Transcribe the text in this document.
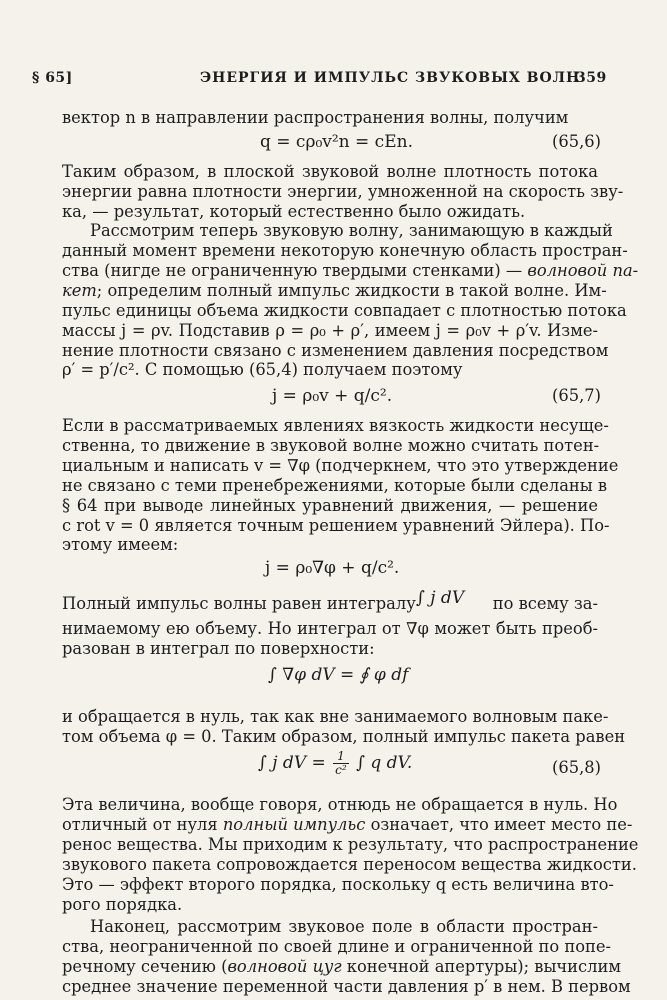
§ 65]	ЭНЕРГИЯ И ИМПУЛЬС ЗВУКОВЫХ ВОЛН
359
вектор n в направлении распространения волны, получим
q = cρ₀v²n = cEn.	(65,6)
Таким образом, в плоской звуковой волне плотность потока
энергии равна плотности энергии, умноженной на скорость зву-
ка, — результат, который естественно было ожидать.
Рассмотрим теперь звуковую волну, занимающую в каждый
данный момент времени некоторую конечную область простран-
ства (нигде не ограниченную твердыми стенками) — волновой па-
кет; определим полный импульс жидкости в такой волне. Им-
пульс единицы объема жидкости совпадает с плотностью потока
массы j = ρv. Подставив ρ = ρ₀ + ρ′, имеем j = ρ₀v + ρ′v. Изме-
нение плотности связано с изменением давления посредством
ρ′ = p′/c². С помощью (65,4) получаем поэтому
j = ρ₀v + q/c².	(65,7)
Если в рассматриваемых явлениях вязкость жидкости несуще-
ственна, то движение в звуковой волне можно считать потен-
циальным и написать v = ∇φ (подчеркнем, что это утверждение
не связано с теми пренебрежениями, которые были сделаны в
§ 64 при выводе линейных уравнений движения, — решение
с rot v = 0 является точным решением уравнений Эйлера). По-
этому имеем:
j = ρ₀∇φ + q/c².
Полный импульс волны равен интегралу ∫ j dV по всему за-
нимаемому ею объему. Но интеграл от ∇φ может быть преоб-
разован в интеграл по поверхности:
∫ ∇φ dV = ∮ φ df
и обращается в нуль, так как вне занимаемого волновым паке-
том объема φ = 0. Таким образом, полный импульс пакета равен
∫ j dV = $\frac{1}{\text{c²}}$ ∫ q dV.	(65,8)
Эта величина, вообще говоря, отнюдь не обращается в нуль. Но
отличный от нуля полный импульс означает, что имеет место пе-
ренос вещества. Мы приходим к результату, что распространение
звукового пакета сопровождается переносом вещества жидкости.
Это — эффект второго порядка, поскольку q есть величина вто-
рого порядка.
Наконец, рассмотрим звуковое поле в области простран-
ства, неограниченной по своей длине и ограниченной по попе-
речному сечению (волновой цуг конечной апертуры); вычислим
среднее значение переменной части давления p′ в нем. В первом
